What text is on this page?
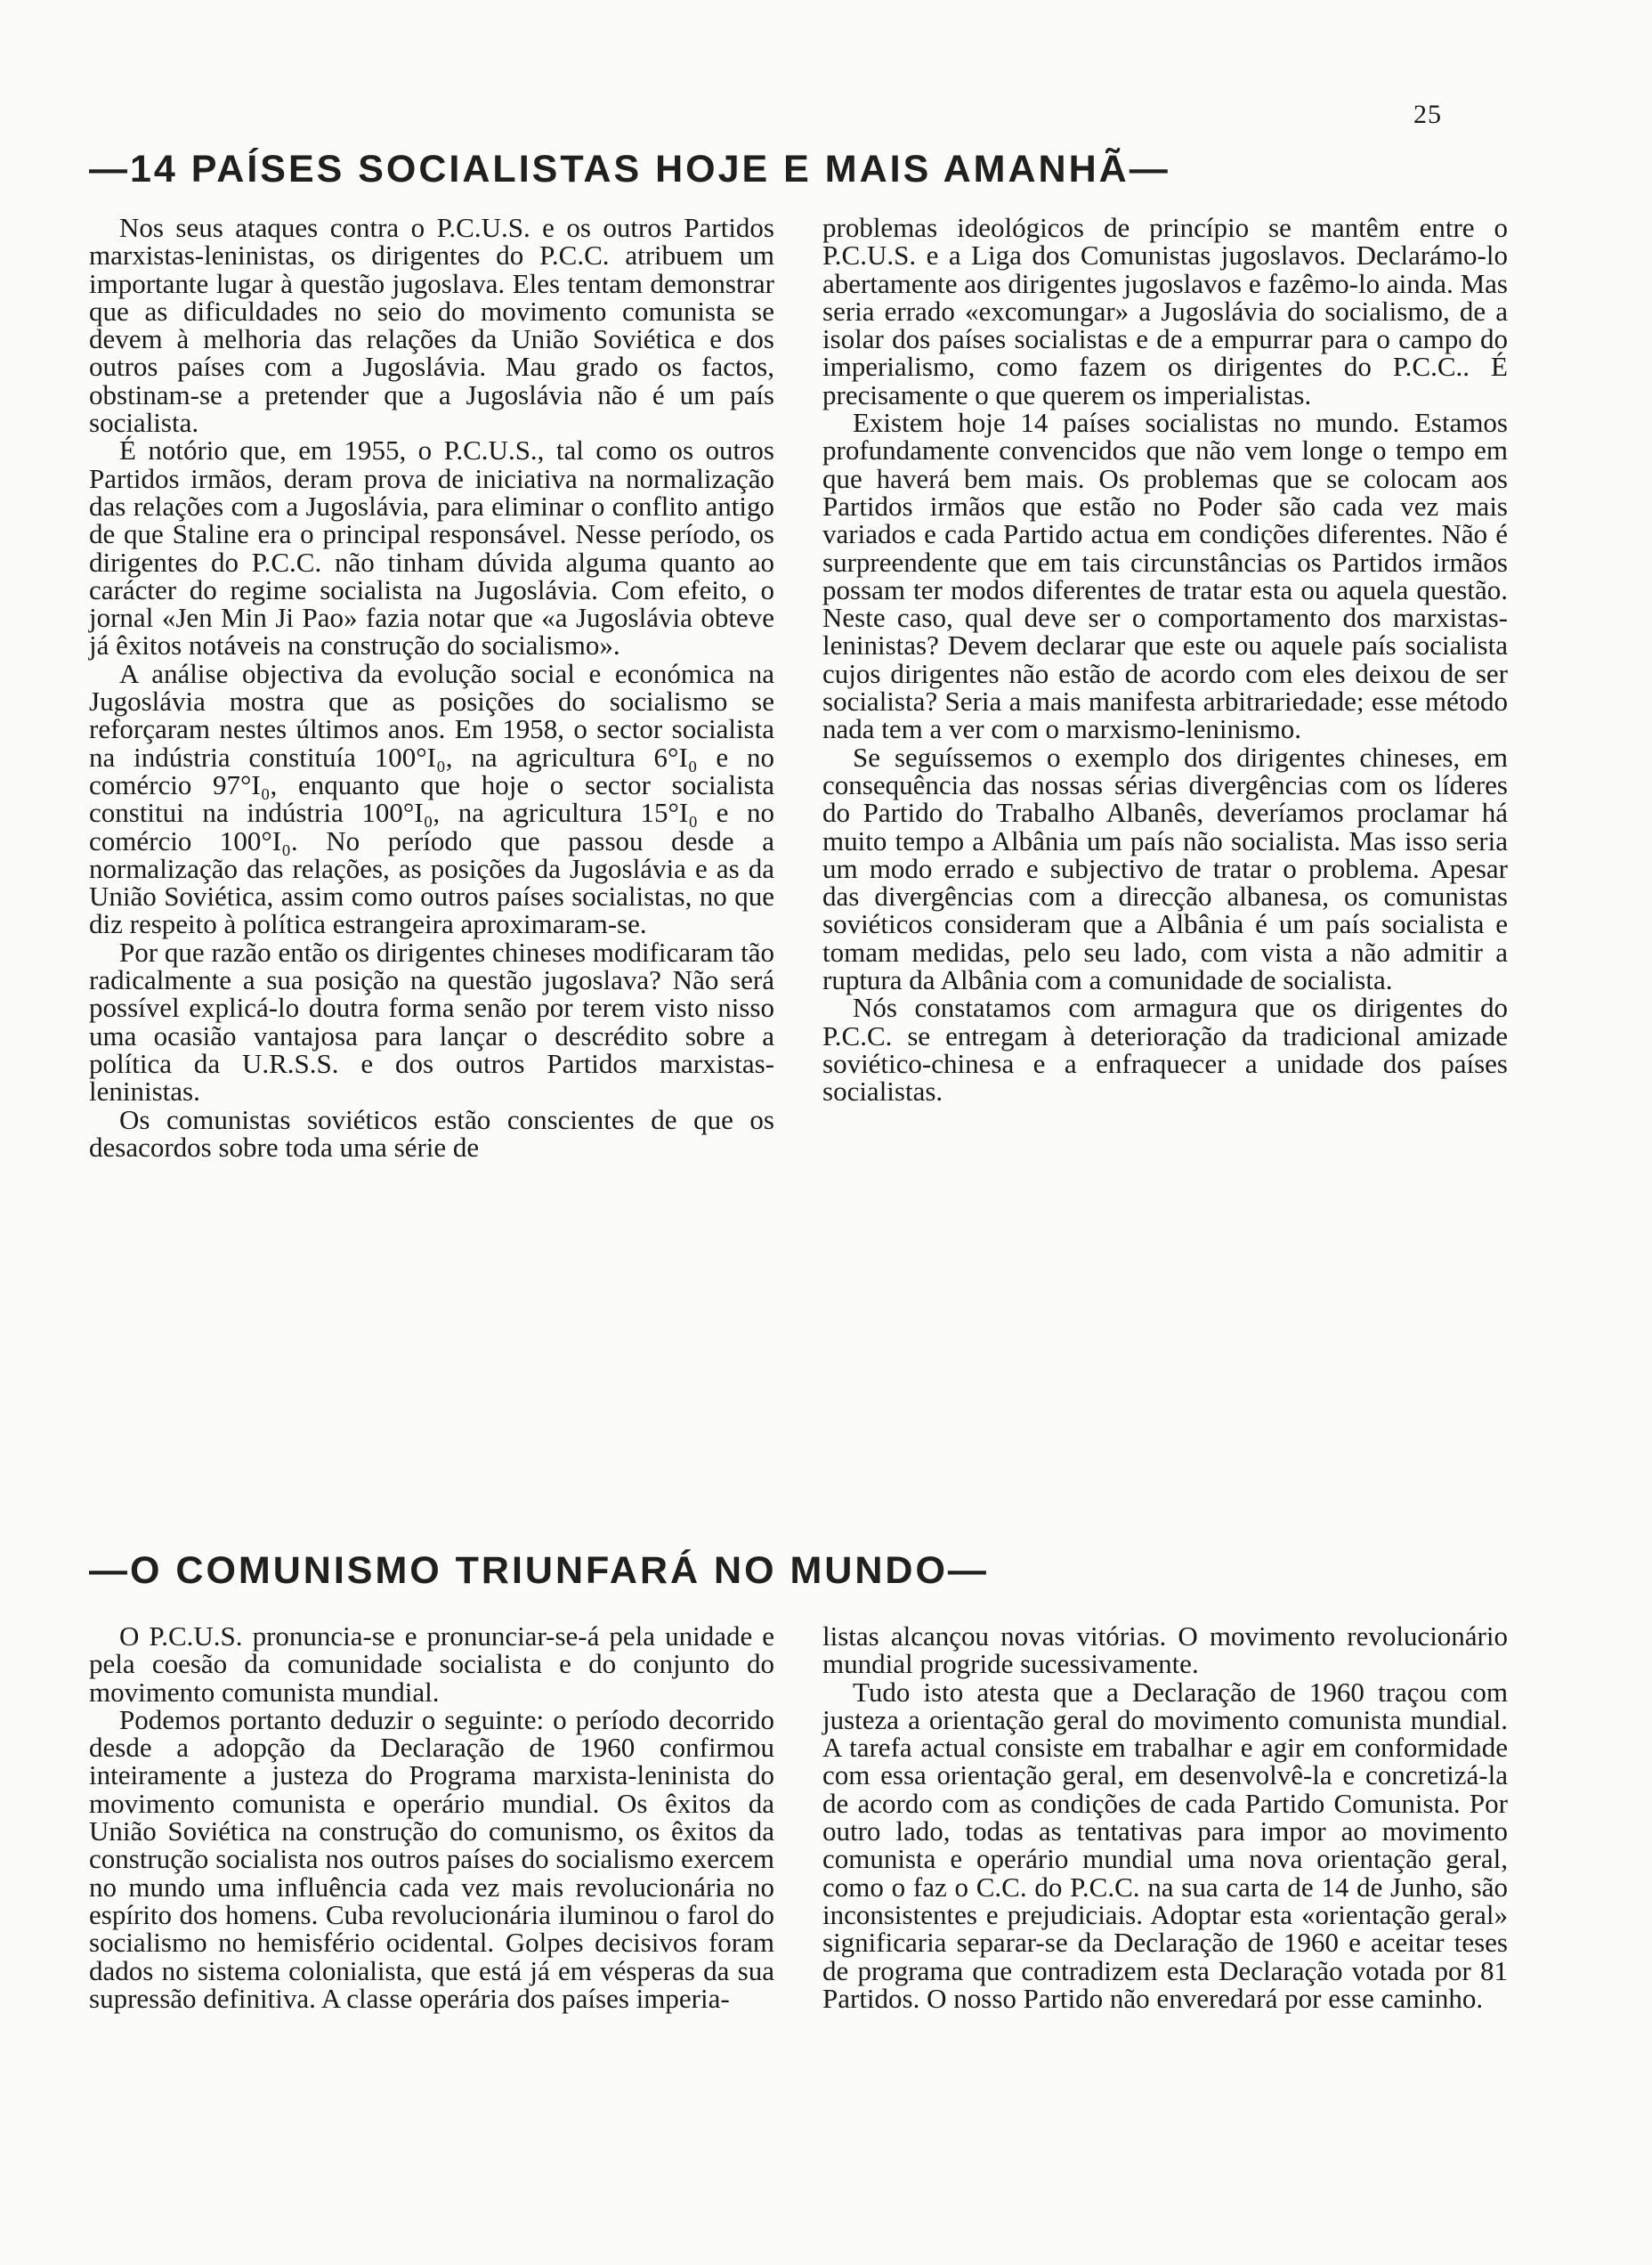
25
—14 PAÍSES SOCIALISTAS HOJE E MAIS AMANHÃ—

Nos seus ataques contra o P.C.U.S. e os outros Partidos marxistas-leninistas, os dirigentes do P.C.C. atribuem um importante lugar à questão jugoslava. Eles tentam demonstrar que as dificuldades no seio do movimento comunista se devem à melhoria das relações da União Soviética e dos outros países com a Jugoslávia. Mau grado os factos, obstinam-se a pretender que a Jugoslávia não é um país socialista.

É notório que, em 1955, o P.C.U.S., tal como os outros Partidos irmãos, deram prova de iniciativa na normalização das relações com a Jugoslávia, para eliminar o conflito antigo de que Staline era o principal responsável. Nesse período, os dirigentes do P.C.C. não tinham dúvida alguma quanto ao carácter do regime socialista na Jugoslávia. Com efeito, o jornal «Jen Min Ji Pao» fazia notar que «a Jugoslávia obteve já êxitos notáveis na construção do socialismo».

A análise objectiva da evolução social e económica na Jugoslávia mostra que as posições do socialismo se reforçaram nestes últimos anos. Em 1958, o sector socialista na indústria constituía 100°I₀, na agricultura 6°I₀ e no comércio 97°I₀, enquanto que hoje o sector socialista constitui na indústria 100°I₀, na agricultura 15°I₀ e no comércio 100°I₀. No período que passou desde a normalização das relações, as posições da Jugoslávia e as da União Soviética, assim como outros países socialistas, no que diz respeito à política estrangeira aproximaram-se.

Por que razão então os dirigentes chineses modificaram tão radicalmente a sua posição na questão jugoslava? Não será possível explicá-lo doutra forma senão por terem visto nisso uma ocasião vantajosa para lançar o descrédito sobre a política da U.R.S.S. e dos outros Partidos marxistas-leninistas.

Os comunistas soviéticos estão conscientes de que os desacordos sobre toda uma série de

problemas ideológicos de princípio se mantêm entre o P.C.U.S. e a Liga dos Comunistas jugoslavos. Declarámo-lo abertamente aos dirigentes jugoslavos e fazêmo-lo ainda. Mas seria errado «excomungar» a Jugoslávia do socialismo, de a isolar dos países socialistas e de a empurrar para o campo do imperialismo, como fazem os dirigentes do P.C.C.. É precisamente o que querem os imperialistas.

Existem hoje 14 países socialistas no mundo. Estamos profundamente convencidos que não vem longe o tempo em que haverá bem mais. Os problemas que se colocam aos Partidos irmãos que estão no Poder são cada vez mais variados e cada Partido actua em condições diferentes. Não é surpreendente que em tais circunstâncias os Partidos irmãos possam ter modos diferentes de tratar esta ou aquela questão. Neste caso, qual deve ser o comportamento dos marxistas-leninistas? Devem declarar que este ou aquele país socialista cujos dirigentes não estão de acordo com eles deixou de ser socialista? Seria a mais manifesta arbitrariedade; esse método nada tem a ver com o marxismo-leninismo.

Se seguíssemos o exemplo dos dirigentes chineses, em consequência das nossas sérias divergências com os líderes do Partido do Trabalho Albanês, deveríamos proclamar há muito tempo a Albânia um país não socialista. Mas isso seria um modo errado e subjectivo de tratar o problema. Apesar das divergências com a direcção albanesa, os comunistas soviéticos consideram que a Albânia é um país socialista e tomam medidas, pelo seu lado, com vista a não admitir a ruptura da Albânia com a comunidade de socialista.

Nós constatamos com armagura que os dirigentes do P.C.C. se entregam à deterioração da tradicional amizade soviético-chinesa e a enfraquecer a unidade dos países socialistas.

—O COMUNISMO TRIUNFARÁ NO MUNDO—

O P.C.U.S. pronuncia-se e pronunciar-se-á pela unidade e pela coesão da comunidade socialista e do conjunto do movimento comunista mundial.

Podemos portanto deduzir o seguinte: o período decorrido desde a adopção da Declaração de 1960 confirmou inteiramente a justeza do Programa marxista-leninista do movimento comunista e operário mundial. Os êxitos da União Soviética na construção do comunismo, os êxitos da construção socialista nos outros países do socialismo exercem no mundo uma influência cada vez mais revolucionária no espírito dos homens. Cuba revolucionária iluminou o farol do socialismo no hemisfério ocidental. Golpes decisivos foram dados no sistema colonialista, que está já em vésperas da sua supressão definitiva. A classe operária dos países imperia-

listas alcançou novas vitórias. O movimento revolucionário mundial progride sucessivamente.

Tudo isto atesta que a Declaração de 1960 traçou com justeza a orientação geral do movimento comunista mundial. A tarefa actual consiste em trabalhar e agir em conformidade com essa orientação geral, em desenvolvê-la e concretizá-la de acordo com as condições de cada Partido Comunista. Por outro lado, todas as tentativas para impor ao movimento comunista e operário mundial uma nova orientação geral, como o faz o C.C. do P.C.C. na sua carta de 14 de Junho, são inconsistentes e prejudiciais. Adoptar esta «orientação geral» significaria separar-se da Declaração de 1960 e aceitar teses de programa que contradizem esta Declaração votada por 81 Partidos. O nosso Partido não enveredará por esse caminho.
